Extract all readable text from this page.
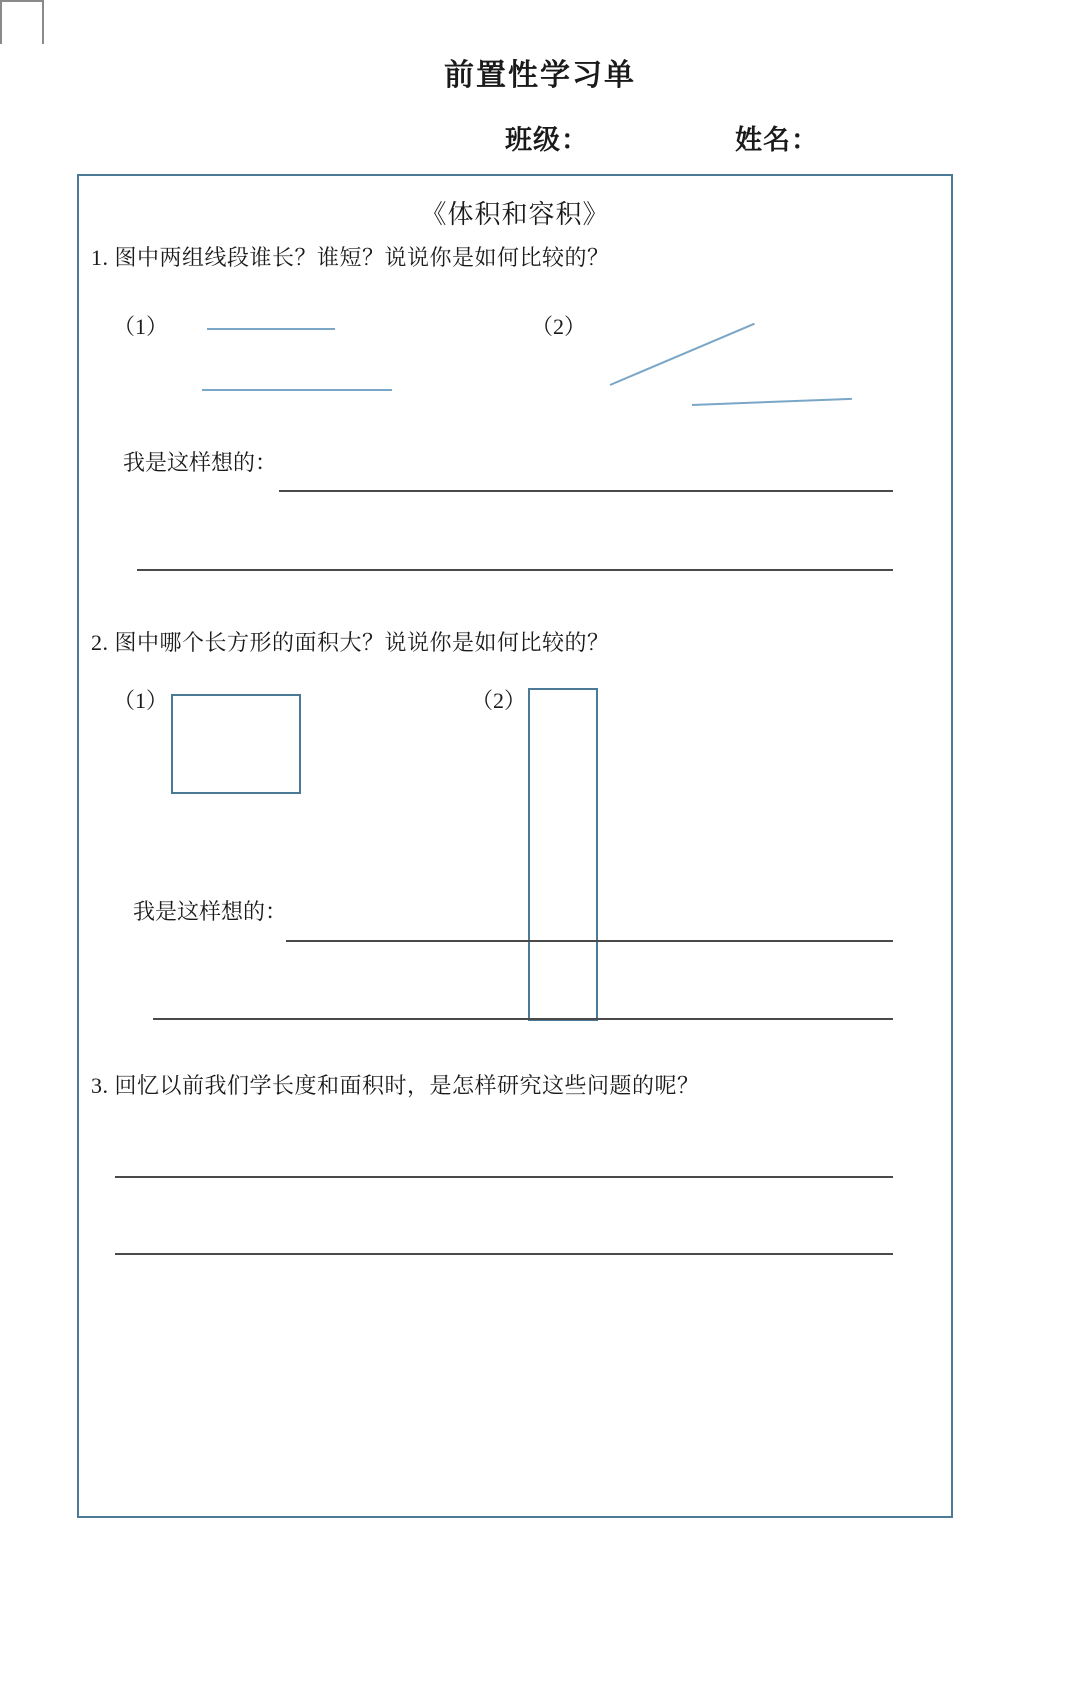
前置性学习单
班级：	姓名：
《体积和容积》
1. 图中两组线段谁长？谁短？说说你是如何比较的？
（1）	（2）
我是这样想的：
2. 图中哪个长方形的面积大？说说你是如何比较的？
（1）	（2）
我是这样想的：
3. 回忆以前我们学长度和面积时，是怎样研究这些问题的呢？
